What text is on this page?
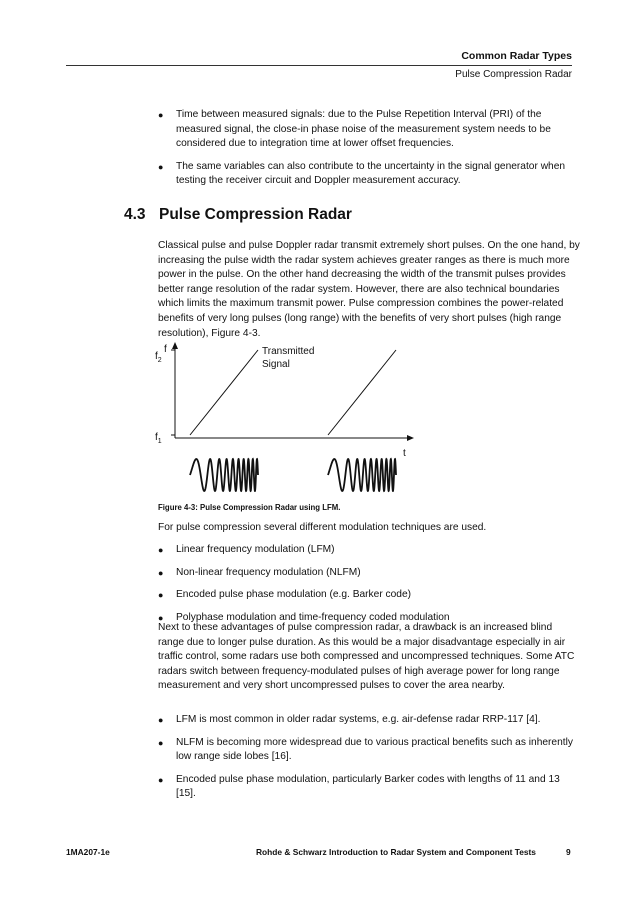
Common Radar Types
Pulse Compression Radar
● Time between measured signals: due to the Pulse Repetition Interval (PRI) of the measured signal, the close-in phase noise of the measurement system needs to be considered due to integration time at lower offset frequencies.
● The same variables can also contribute to the uncertainty in the signal generator when testing the receiver circuit and Doppler measurement accuracy.
4.3 Pulse Compression Radar

Classical pulse and pulse Doppler radar transmit extremely short pulses. On the one hand, by increasing the pulse width the radar system achieves greater ranges as there is much more power in the pulse. On the other hand decreasing the width of the transmit pulses provides better range resolution of the radar system. However, there are also technical boundaries which limits the maximum transmit power. Pulse compression combines the power-related benefits of very long pulses (long range) with the benefits of very short pulses (high range resolution), Figure 4-3.

f
$f_2$
$f_1$
t
Transmitted
Signal
Figure 4-3: Pulse Compression Radar using LFM.

For pulse compression several different modulation techniques are used.

● Linear frequency modulation (LFM)
● Non-linear frequency modulation (NLFM)
● Encoded pulse phase modulation (e.g. Barker code)
● Polyphase modulation and time-frequency coded modulation

Next to these advantages of pulse compression radar, a drawback is an increased blind range due to longer pulse duration. As this would be a major disadvantage especially in air traffic control, some radars use both compressed and uncompressed techniques. Some ATC radars switch between frequency-modulated pulses of high average power for long range measurement and very short uncompressed pulses to cover the area nearby.

● LFM is most common in older radar systems, e.g. air-defense radar RRP-117 [4].
● NLFM is becoming more widespread due to various practical benefits such as inherently low range side lobes [16].
● Encoded pulse phase modulation, particularly Barker codes with lengths of 11 and 13 [15].
1MA207-1e	Rohde & Schwarz Introduction to Radar System and Component Tests	9
